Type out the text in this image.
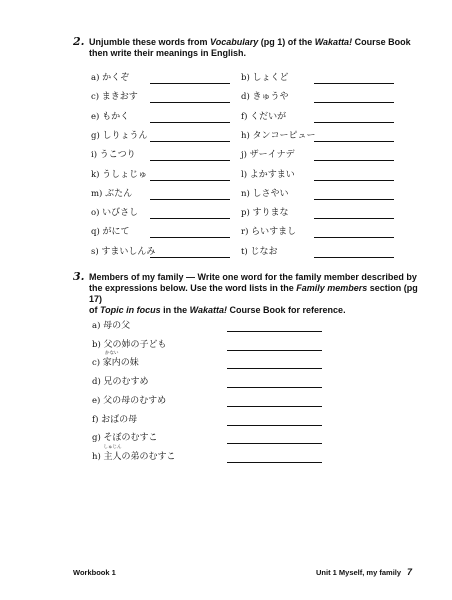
2. Unjumble these words from Vocabulary (pg 1) of the Wakatta! Course Book
then write their meanings in English.
a) かくぞ
c) まきおす
e) もかく
g) しりょうん
i) うこつり
k) うしょじゅ
m) ぶたん
o) いびさし
q) がにて
s) すまいしんみ
b) しょくど
d) きゅうや
f) くだいが
h) タンコーピュー
j) ザーイナデ
l) よかすまい
n) しさやい
p) すりまな
r) らいすまし
t) じなお
3. Members of my family — Write one word for the family member described by
the expressions below. Use the word lists in the Family members section (pg 17)
of Topic in focus in the Wakatta! Course Book for reference.
a) 母の父
b) 父の姉の子ども
c)
かない
家内の妹
d) 兄のむすめ
e) 父の母のむすめ
f) おばの母
g) そぼのむすこ
h)
しゅじん
主人の弟のむすこ
Workbook 1	Unit 1 Myself, my family 7
